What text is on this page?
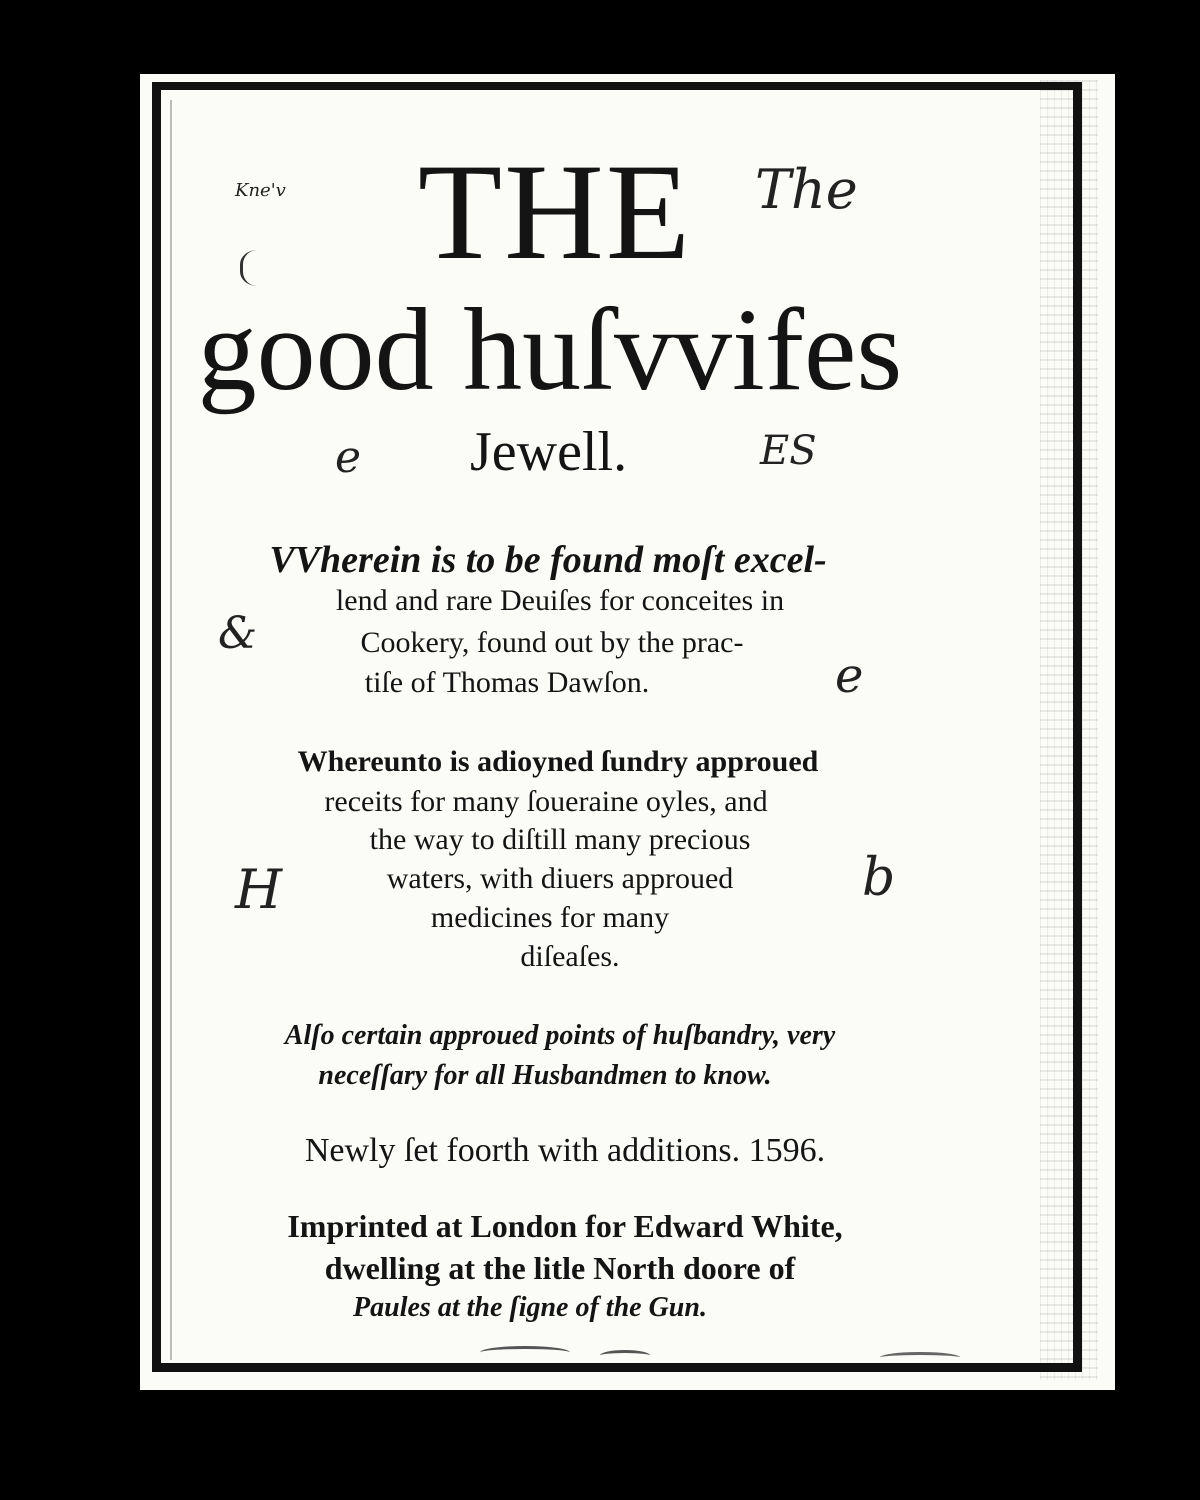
THE
good huſvvifes
Jewell.
VVherein is to be found moſt excel-
lend and rare Deuiſes for conceites in
Cookery, found out by the prac-
tiſe of Thomas Dawſon.
Whereunto is adioyned ſundry approued
receits for many ſoueraine oyles, and
the way to diſtill many precious
waters, with diuers approued
medicines for many
diſeaſes.
Alſo certain approued points of huſbandry, very
neceſſary for all Husbandmen to know.
Newly ſet foorth with additions. 1596.
Imprinted at London for Edward White,
dwelling at the litle North doore of
Paules at the ſigne of the Gun.
Kne'v	The
e	ES
&
e
b
H
